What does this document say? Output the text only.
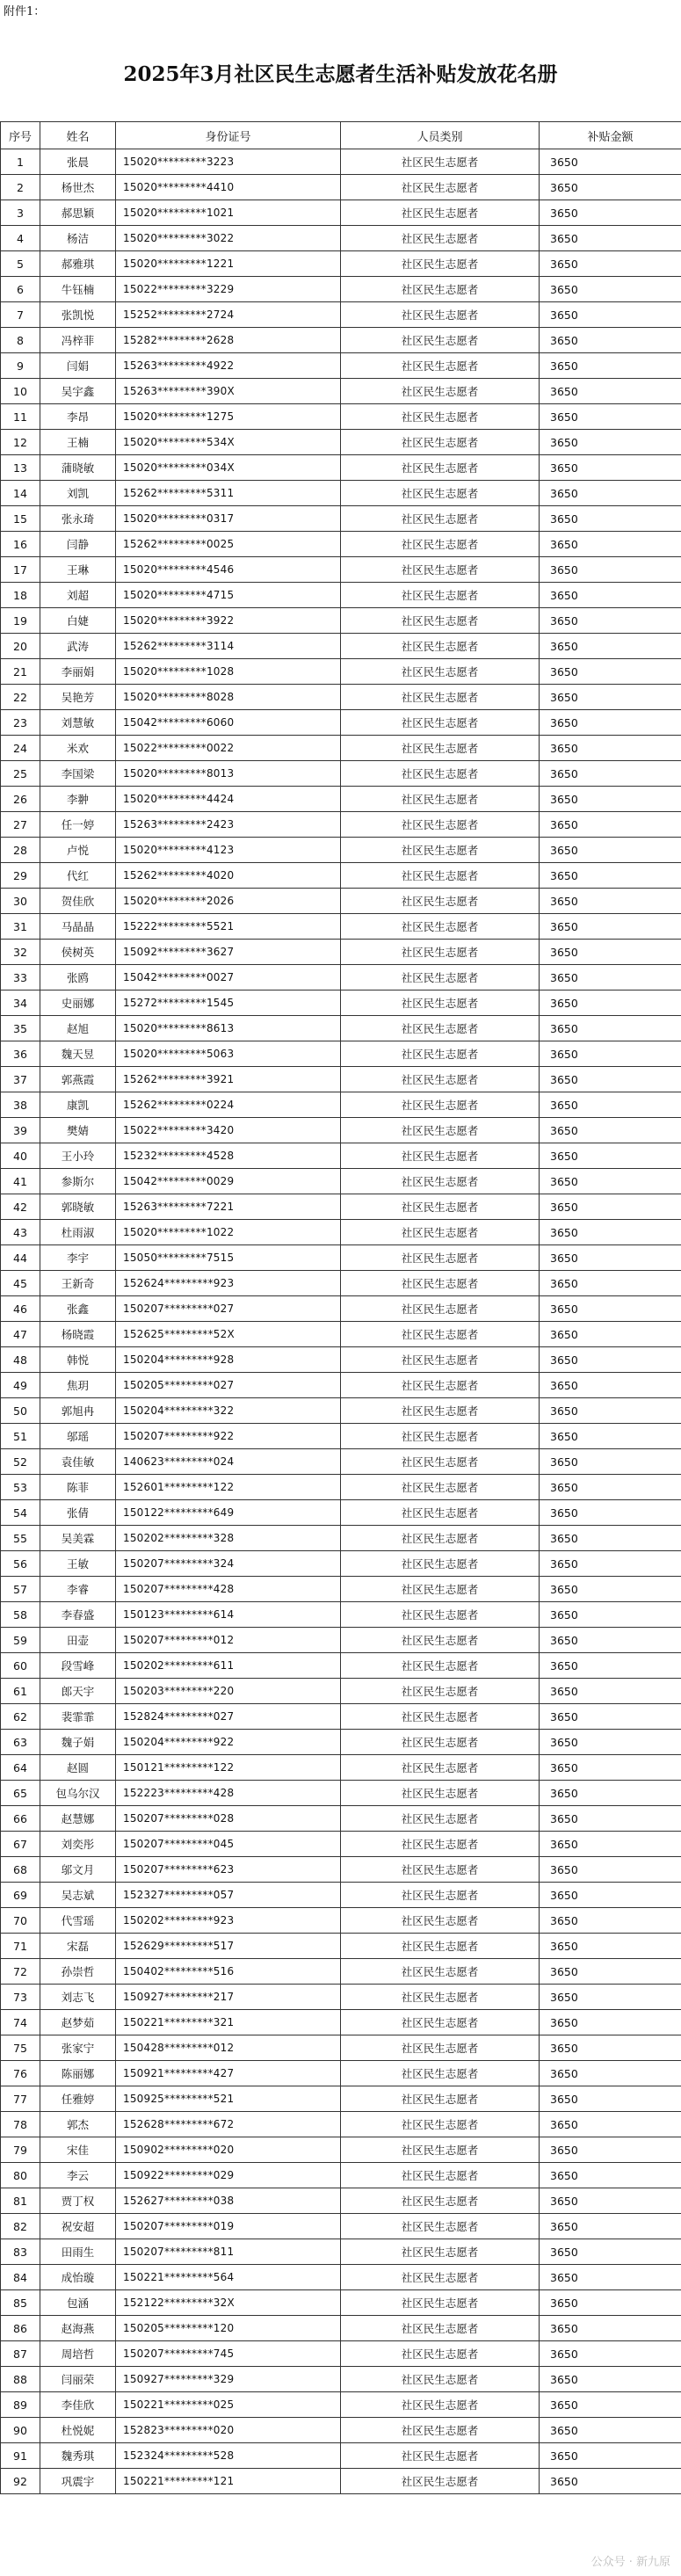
附件1：
2025年3月社区民生志愿者生活补贴发放花名册
序号	姓名	身份证号	人员类别	补贴金额
1	张晨	15020*********3223	社区民生志愿者	3650
2	杨世杰	15020*********4410	社区民生志愿者	3650
3	郝思颖	15020*********1021	社区民生志愿者	3650
4	杨洁	15020*********3022	社区民生志愿者	3650
5	郝雅琪	15020*********1221	社区民生志愿者	3650
6	牛钰楠	15022*********3229	社区民生志愿者	3650
7	张凯悦	15252*********2724	社区民生志愿者	3650
8	冯梓菲	15282*********2628	社区民生志愿者	3650
9	闫娟	15263*********4922	社区民生志愿者	3650
10	吴宇鑫	15263*********390X	社区民生志愿者	3650
11	李昂	15020*********1275	社区民生志愿者	3650
12	王楠	15020*********534X	社区民生志愿者	3650
13	蒲晓敏	15020*********034X	社区民生志愿者	3650
14	刘凯	15262*********5311	社区民生志愿者	3650
15	张永琦	15020*********0317	社区民生志愿者	3650
16	闫静	15262*********0025	社区民生志愿者	3650
17	王琳	15020*********4546	社区民生志愿者	3650
18	刘超	15020*********4715	社区民生志愿者	3650
19	白婕	15020*********3922	社区民生志愿者	3650
20	武涛	15262*********3114	社区民生志愿者	3650
21	李丽娟	15020*********1028	社区民生志愿者	3650
22	吴艳芳	15020*********8028	社区民生志愿者	3650
23	刘慧敏	15042*********6060	社区民生志愿者	3650
24	米欢	15022*********0022	社区民生志愿者	3650
25	李国梁	15020*********8013	社区民生志愿者	3650
26	李翀	15020*********4424	社区民生志愿者	3650
27	任一婷	15263*********2423	社区民生志愿者	3650
28	卢悦	15020*********4123	社区民生志愿者	3650
29	代红	15262*********4020	社区民生志愿者	3650
30	贺佳欣	15020*********2026	社区民生志愿者	3650
31	马晶晶	15222*********5521	社区民生志愿者	3650
32	侯树英	15092*********3627	社区民生志愿者	3650
33	张鸥	15042*********0027	社区民生志愿者	3650
34	史丽娜	15272*********1545	社区民生志愿者	3650
35	赵旭	15020*********8613	社区民生志愿者	3650
36	魏天昱	15020*********5063	社区民生志愿者	3650
37	郭燕霞	15262*********3921	社区民生志愿者	3650
38	康凯	15262*********0224	社区民生志愿者	3650
39	樊婧	15022*********3420	社区民生志愿者	3650
40	王小玲	15232*********4528	社区民生志愿者	3650
41	参斯尔	15042*********0029	社区民生志愿者	3650
42	郭晓敏	15263*********7221	社区民生志愿者	3650
43	杜雨淑	15020*********1022	社区民生志愿者	3650
44	李宇	15050*********7515	社区民生志愿者	3650
45	王新奇	152624*********923	社区民生志愿者	3650
46	张鑫	150207*********027	社区民生志愿者	3650
47	杨晓霞	152625*********52X	社区民生志愿者	3650
48	韩悦	150204*********928	社区民生志愿者	3650
49	焦玥	150205*********027	社区民生志愿者	3650
50	郭旭冉	150204*********322	社区民生志愿者	3650
51	邬瑶	150207*********922	社区民生志愿者	3650
52	袁佳敏	140623*********024	社区民生志愿者	3650
53	陈菲	152601*********122	社区民生志愿者	3650
54	张倩	150122*********649	社区民生志愿者	3650
55	吴美霖	150202*********328	社区民生志愿者	3650
56	王敏	150207*********324	社区民生志愿者	3650
57	李睿	150207*********428	社区民生志愿者	3650
58	李春盛	150123*********614	社区民生志愿者	3650
59	田壶	150207*********012	社区民生志愿者	3650
60	段雪峰	150202*********611	社区民生志愿者	3650
61	郎天宇	150203*********220	社区民生志愿者	3650
62	裴霏霏	152824*********027	社区民生志愿者	3650
63	魏子娟	150204*********922	社区民生志愿者	3650
64	赵圆	150121*********122	社区民生志愿者	3650
65	包乌尔汉	152223*********428	社区民生志愿者	3650
66	赵慧娜	150207*********028	社区民生志愿者	3650
67	刘奕彤	150207*********045	社区民生志愿者	3650
68	邬文月	150207*********623	社区民生志愿者	3650
69	吴志斌	152327*********057	社区民生志愿者	3650
70	代雪瑶	150202*********923	社区民生志愿者	3650
71	宋磊	152629*********517	社区民生志愿者	3650
72	孙崇哲	150402*********516	社区民生志愿者	3650
73	刘志飞	150927*********217	社区民生志愿者	3650
74	赵梦茹	150221*********321	社区民生志愿者	3650
75	张家宁	150428*********012	社区民生志愿者	3650
76	陈丽娜	150921*********427	社区民生志愿者	3650
77	任雅婷	150925*********521	社区民生志愿者	3650
78	郭杰	152628*********672	社区民生志愿者	3650
79	宋佳	150902*********020	社区民生志愿者	3650
80	李云	150922*********029	社区民生志愿者	3650
81	贾丁权	152627*********038	社区民生志愿者	3650
82	祝安超	150207*********019	社区民生志愿者	3650
83	田雨生	150207*********811	社区民生志愿者	3650
84	成怡璇	150221*********564	社区民生志愿者	3650
85	包涵	152122*********32X	社区民生志愿者	3650
86	赵海燕	150205*********120	社区民生志愿者	3650
87	周培哲	150207*********745	社区民生志愿者	3650
88	闫丽荣	150927*********329	社区民生志愿者	3650
89	李佳欣	150221*********025	社区民生志愿者	3650
90	杜悦妮	152823*********020	社区民生志愿者	3650
91	魏秀琪	152324*********528	社区民生志愿者	3650
92	巩震宇	150221*********121	社区民生志愿者	3650
公众号 · 新九原
